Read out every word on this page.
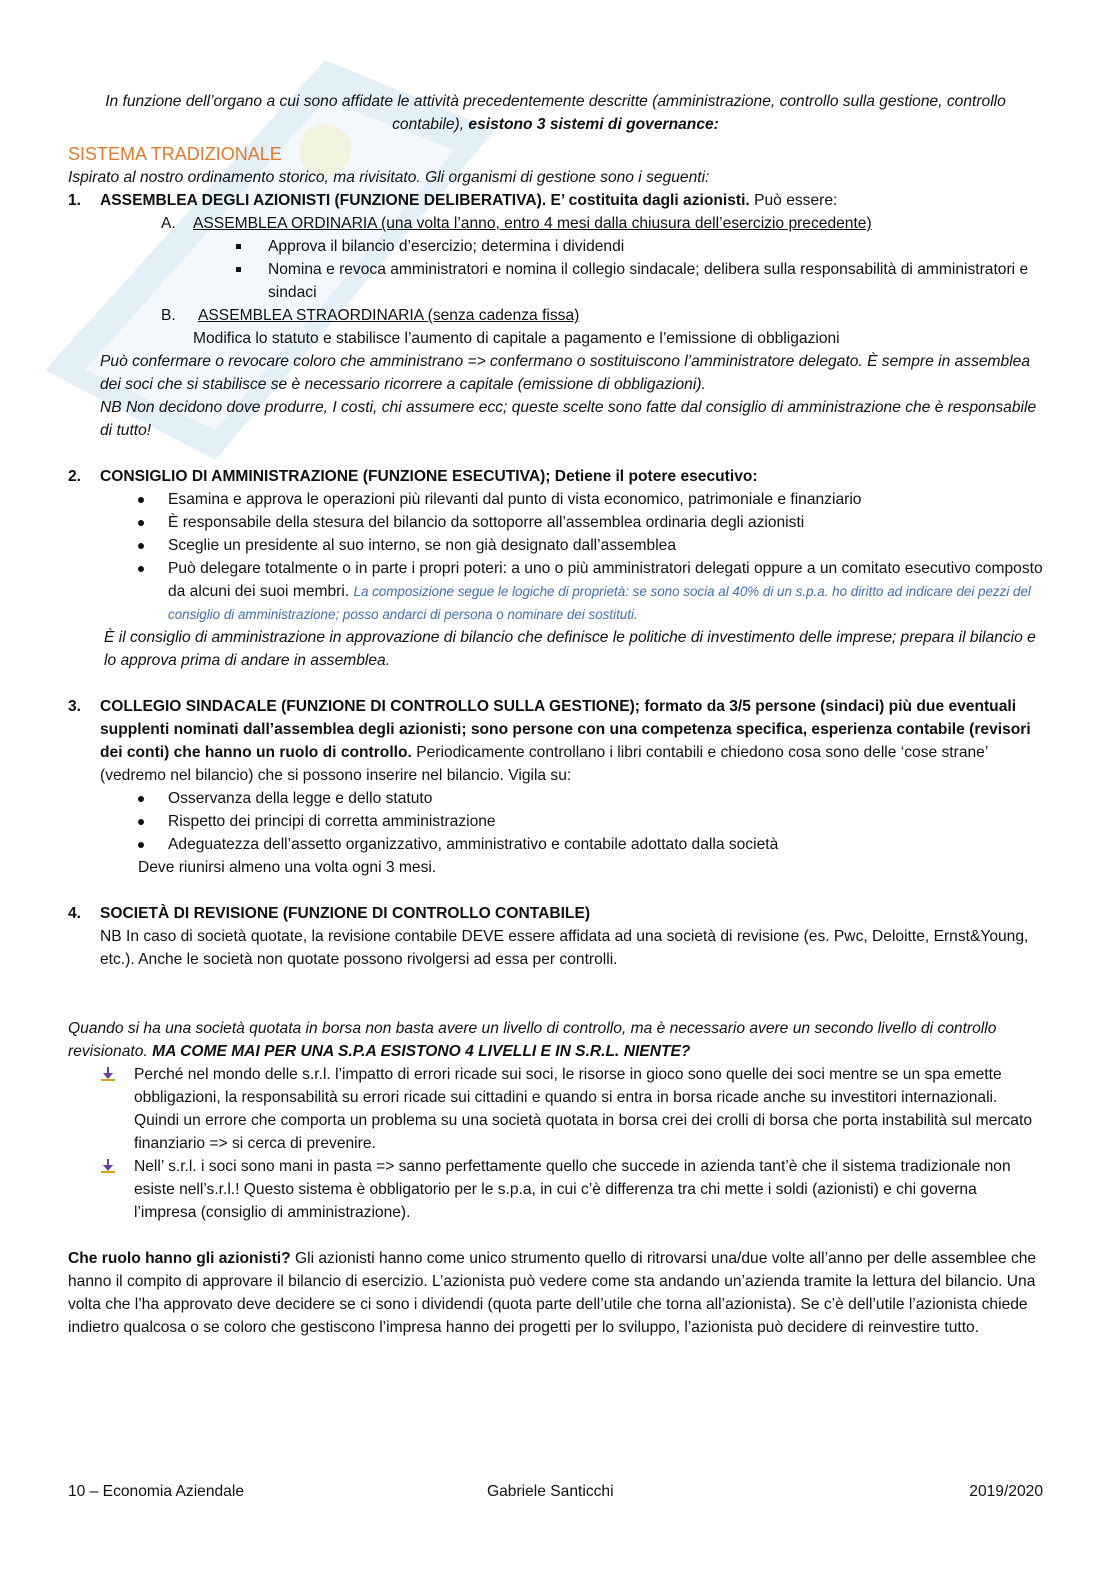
In funzione dell’organo a cui sono affidate le attività precedentemente descritte (amministrazione, controllo sulla gestione, controllo contabile), esistono 3 sistemi di governance:
SISTEMA TRADIZIONALE
Ispirato al nostro ordinamento storico, ma rivisitato. Gli organismi di gestione sono i seguenti:
1. ASSEMBLEA DEGLI AZIONISTI (FUNZIONE DELIBERATIVA). E’ costituita dagli azionisti. Può essere:
A. ASSEMBLEA ORDINARIA (una volta l’anno, entro 4 mesi dalla chiusura dell’esercizio precedente)
Approva il bilancio d’esercizio; determina i dividendi
Nomina e revoca amministratori e nomina il collegio sindacale; delibera sulla responsabilità di amministratori e sindaci
B. ASSEMBLEA STRAORDINARIA (senza cadenza fissa)
Modifica lo statuto e stabilisce l’aumento di capitale a pagamento e l’emissione di obbligazioni
Può confermare o revocare coloro che amministrano => confermano o sostituiscono l’amministratore delegato. È sempre in assemblea dei soci che si stabilisce se è necessario ricorrere a capitale (emissione di obbligazioni).
NB Non decidono dove produrre, I costi, chi assumere ecc; queste scelte sono fatte dal consiglio di amministrazione che è responsabile di tutto!
2. CONSIGLIO DI AMMINISTRAZIONE (FUNZIONE ESECUTIVA); Detiene il potere esecutivo:
Esamina e approva le operazioni più rilevanti dal punto di vista economico, patrimoniale e finanziario
È responsabile della stesura del bilancio da sottoporre all’assemblea ordinaria degli azionisti
Sceglie un presidente al suo interno, se non già designato dall’assemblea
Può delegare totalmente o in parte i propri poteri: a uno o più amministratori delegati oppure a un comitato esecutivo composto da alcuni dei suoi membri. La composizione segue le logiche di proprietà: se sono socia al 40% di un s.p.a. ho diritto ad indicare dei pezzi del consiglio di amministrazione; posso andarci di persona o nominare dei sostituti.
È il consiglio di amministrazione in approvazione di bilancio che definisce le politiche di investimento delle imprese; prepara il bilancio e lo approva prima di andare in assemblea.
3. COLLEGIO SINDACALE (FUNZIONE DI CONTROLLO SULLA GESTIONE); formato da 3/5 persone (sindaci) più due eventuali supplenti nominati dall’assemblea degli azionisti; sono persone con una competenza specifica, esperienza contabile (revisori dei conti) che hanno un ruolo di controllo. Periodicamente controllano i libri contabili e chiedono cosa sono delle ‘cose strane’ (vedremo nel bilancio) che si possono inserire nel bilancio. Vigila su:
Osservanza della legge e dello statuto
Rispetto dei principi di corretta amministrazione
Adeguatezza dell’assetto organizzativo, amministrativo e contabile adottato dalla società
Deve riunirsi almeno una volta ogni 3 mesi.
4. SOCIETÀ DI REVISIONE (FUNZIONE DI CONTROLLO CONTABILE)
NB In caso di società quotate, la revisione contabile DEVE essere affidata ad una società di revisione (es. Pwc, Deloitte, Ernst&Young, etc.). Anche le società non quotate possono rivolgersi ad essa per controlli.
Quando si ha una società quotata in borsa non basta avere un livello di controllo, ma è necessario avere un secondo livello di controllo revisionato. MA COME MAI PER UNA S.P.A ESISTONO 4 LIVELLI E IN S.R.L. NIENTE?
Perché nel mondo delle s.r.l. l’impatto di errori ricade sui soci, le risorse in gioco sono quelle dei soci mentre se un spa emette obbligazioni, la responsabilità su errori ricade sui cittadini e quando si entra in borsa ricade anche su investitori internazionali. Quindi un errore che comporta un problema su una società quotata in borsa crei dei crolli di borsa che porta instabilità sul mercato finanziario => si cerca di prevenire.
Nell’ s.r.l. i soci sono mani in pasta => sanno perfettamente quello che succede in azienda tant’è che il sistema tradizionale non esiste nell’s.r.l.! Questo sistema è obbligatorio per le s.p.a, in cui c’è differenza tra chi mette i soldi (azionisti) e chi governa l’impresa (consiglio di amministrazione).
Che ruolo hanno gli azionisti? Gli azionisti hanno come unico strumento quello di ritrovarsi una/due volte all’anno per delle assemblee che hanno il compito di approvare il bilancio di esercizio. L’azionista può vedere come sta andando un’azienda tramite la lettura del bilancio. Una volta che l’ha approvato deve decidere se ci sono i dividendi (quota parte dell’utile che torna all’azionista). Se c’è dell’utile l’azionista chiede indietro qualcosa o se coloro che gestiscono l’impresa hanno dei progetti per lo sviluppo, l’azionista può decidere di reinvestire tutto.
10 – Economia Aziendale	Gabriele Santicchi	2019/2020
